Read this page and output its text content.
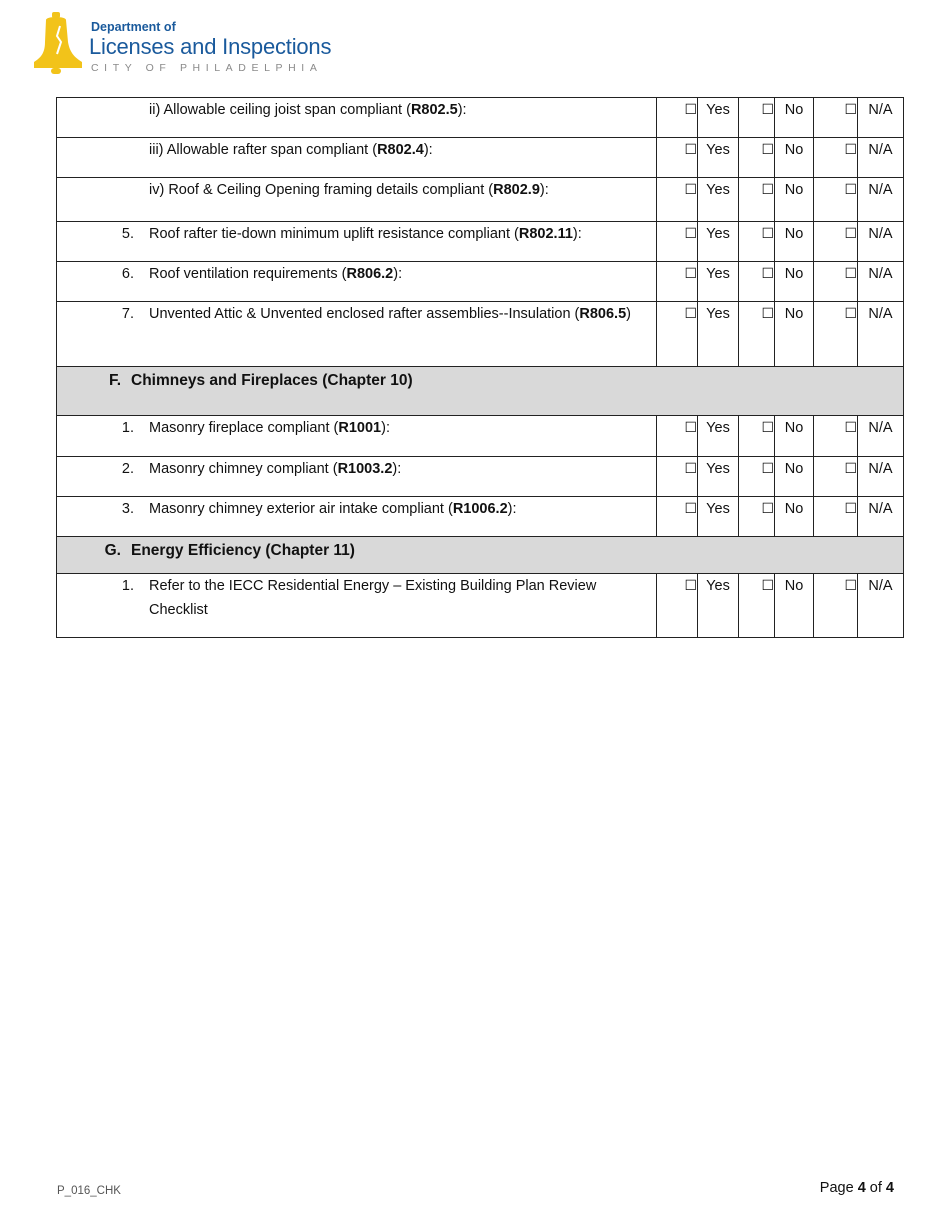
Department of
Licenses and Inspections
CITY OF PHILADELPHIA
ii) Allowable ceiling joist span compliant (R802.5):	☐	Yes	☐	No	☐	N/A

iii) Allowable rafter span compliant (R802.4):	☐	Yes	☐	No	☐	N/A

iv) Roof & Ceiling Opening framing details compliant (R802.9):	☐	Yes	☐	No	☐	N/A

5. Roof rafter tie-down minimum uplift resistance compliant (R802.11):	☐	Yes	☐	No	☐	N/A

6. Roof ventilation requirements (R806.2):	☐	Yes	☐	No	☐	N/A

7. Unvented Attic & Unvented enclosed rafter assemblies--Insulation (R806.5)	☐	Yes	☐	No	☐	N/A

F. Chimneys and Fireplaces (Chapter 10)						

1. Masonry fireplace compliant (R1001):	☐	Yes	☐	No	☐	N/A

2. Masonry chimney compliant (R1003.2):	☐	Yes	☐	No	☐	N/A

3. Masonry chimney exterior air intake compliant (R1006.2):	☐	Yes	☐	No	☐	N/A

G. Energy Efficiency (Chapter 11)						

1. Refer to the IECC Residential Energy – Existing Building Plan Review Checklist	☐	Yes	☐	No	☐	N/A
P_016_CHK	Page 4 of 4
